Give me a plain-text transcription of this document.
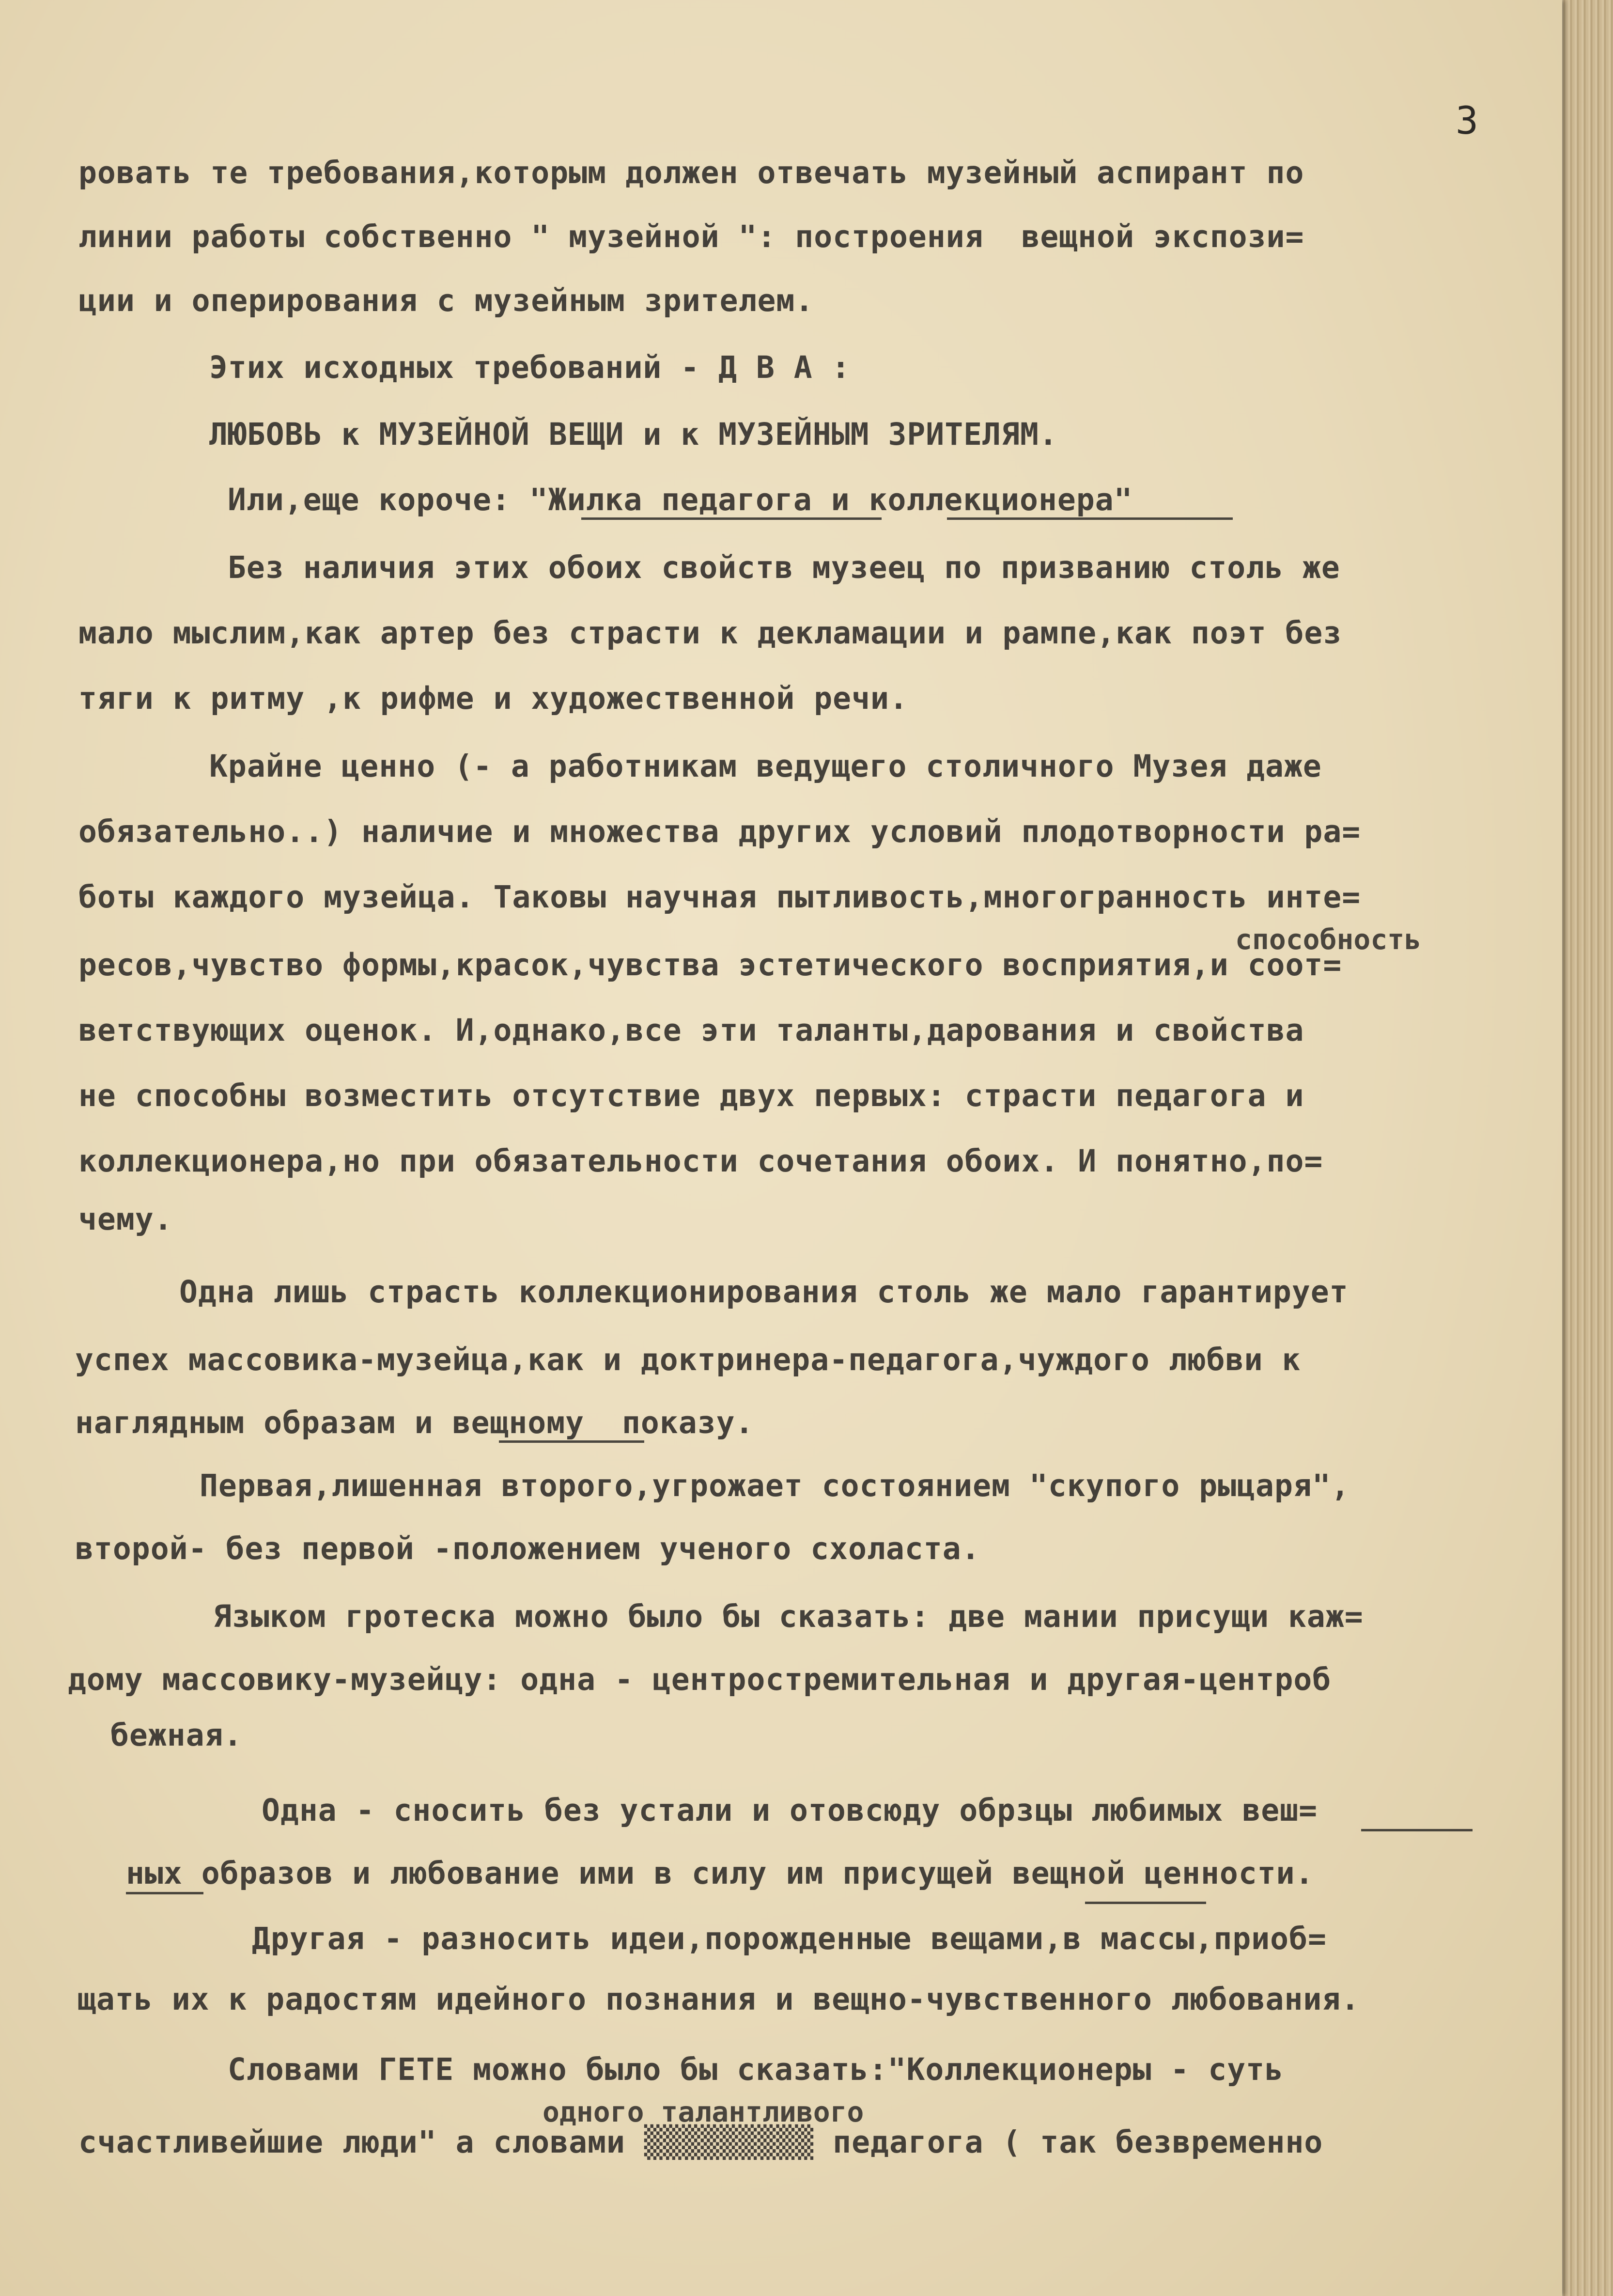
3
ровать те требования,которым должен отвечать музейный аспирант по
линии работы собственно " музейной ": построения  вещной экспози=
ции и оперирования с музейным зрителем.
Этих исходных требований - Д В А :
ЛЮБОВЬ к МУЗЕЙНОЙ ВЕЩИ и к МУЗЕЙНЫМ ЗРИТЕЛЯМ.
Или,еще короче: "Жилка педагога и коллекционера"
Без наличия этих обоих свойств музеец по призванию столь же
мало мыслим,как артер без страсти к декламации и рампе,как поэт без
тяги к ритму ,к рифме и художественной речи.
Крайне ценно (- а работникам ведущего столичного Музея даже
обязательно..) наличие и множества других условий плодотворности ра=
боты каждого музейца. Таковы научная пытливость,многогранность инте=
способность
ресов,чувство формы,красок,чувства эстетического восприятия,и соот=
ветствующих оценок. И,однако,все эти таланты,дарования и свойства
не способны возместить отсутствие двух первых: страсти педагога и
коллекционера,но при обязательности сочетания обоих. И понятно,по=
чему.
Одна лишь страсть коллекционирования столь же мало гарантирует
успех массовика-музейца,как и доктринера-педагога,чуждого любви к
наглядным образам и вещному  показу.
Первая,лишенная второго,угрожает состоянием "скупого рыцаря",
второй- без первой -положением ученого схоласта.
Языком гротеска можно было бы сказать: две мании присущи каж=
дому массовику-музейцу: одна - центростремительная и другая-центроб
бежная.
Одна - сносить без устали и отовсюду обрзцы любимых веш=
ных образов и любование ими в силу им присущей вещной ценности.
Другая - разносить идеи,порожденные вещами,в массы,приоб=
щать их к радостям идейного познания и вещно-чувственного любования.
Словами ГЕТЕ можно было бы сказать:"Коллекционеры - суть
одного талантливого
счастливейшие люди" а словами ▒▒▒▒▒▒▒▒▒ педагога ( так безвременно
